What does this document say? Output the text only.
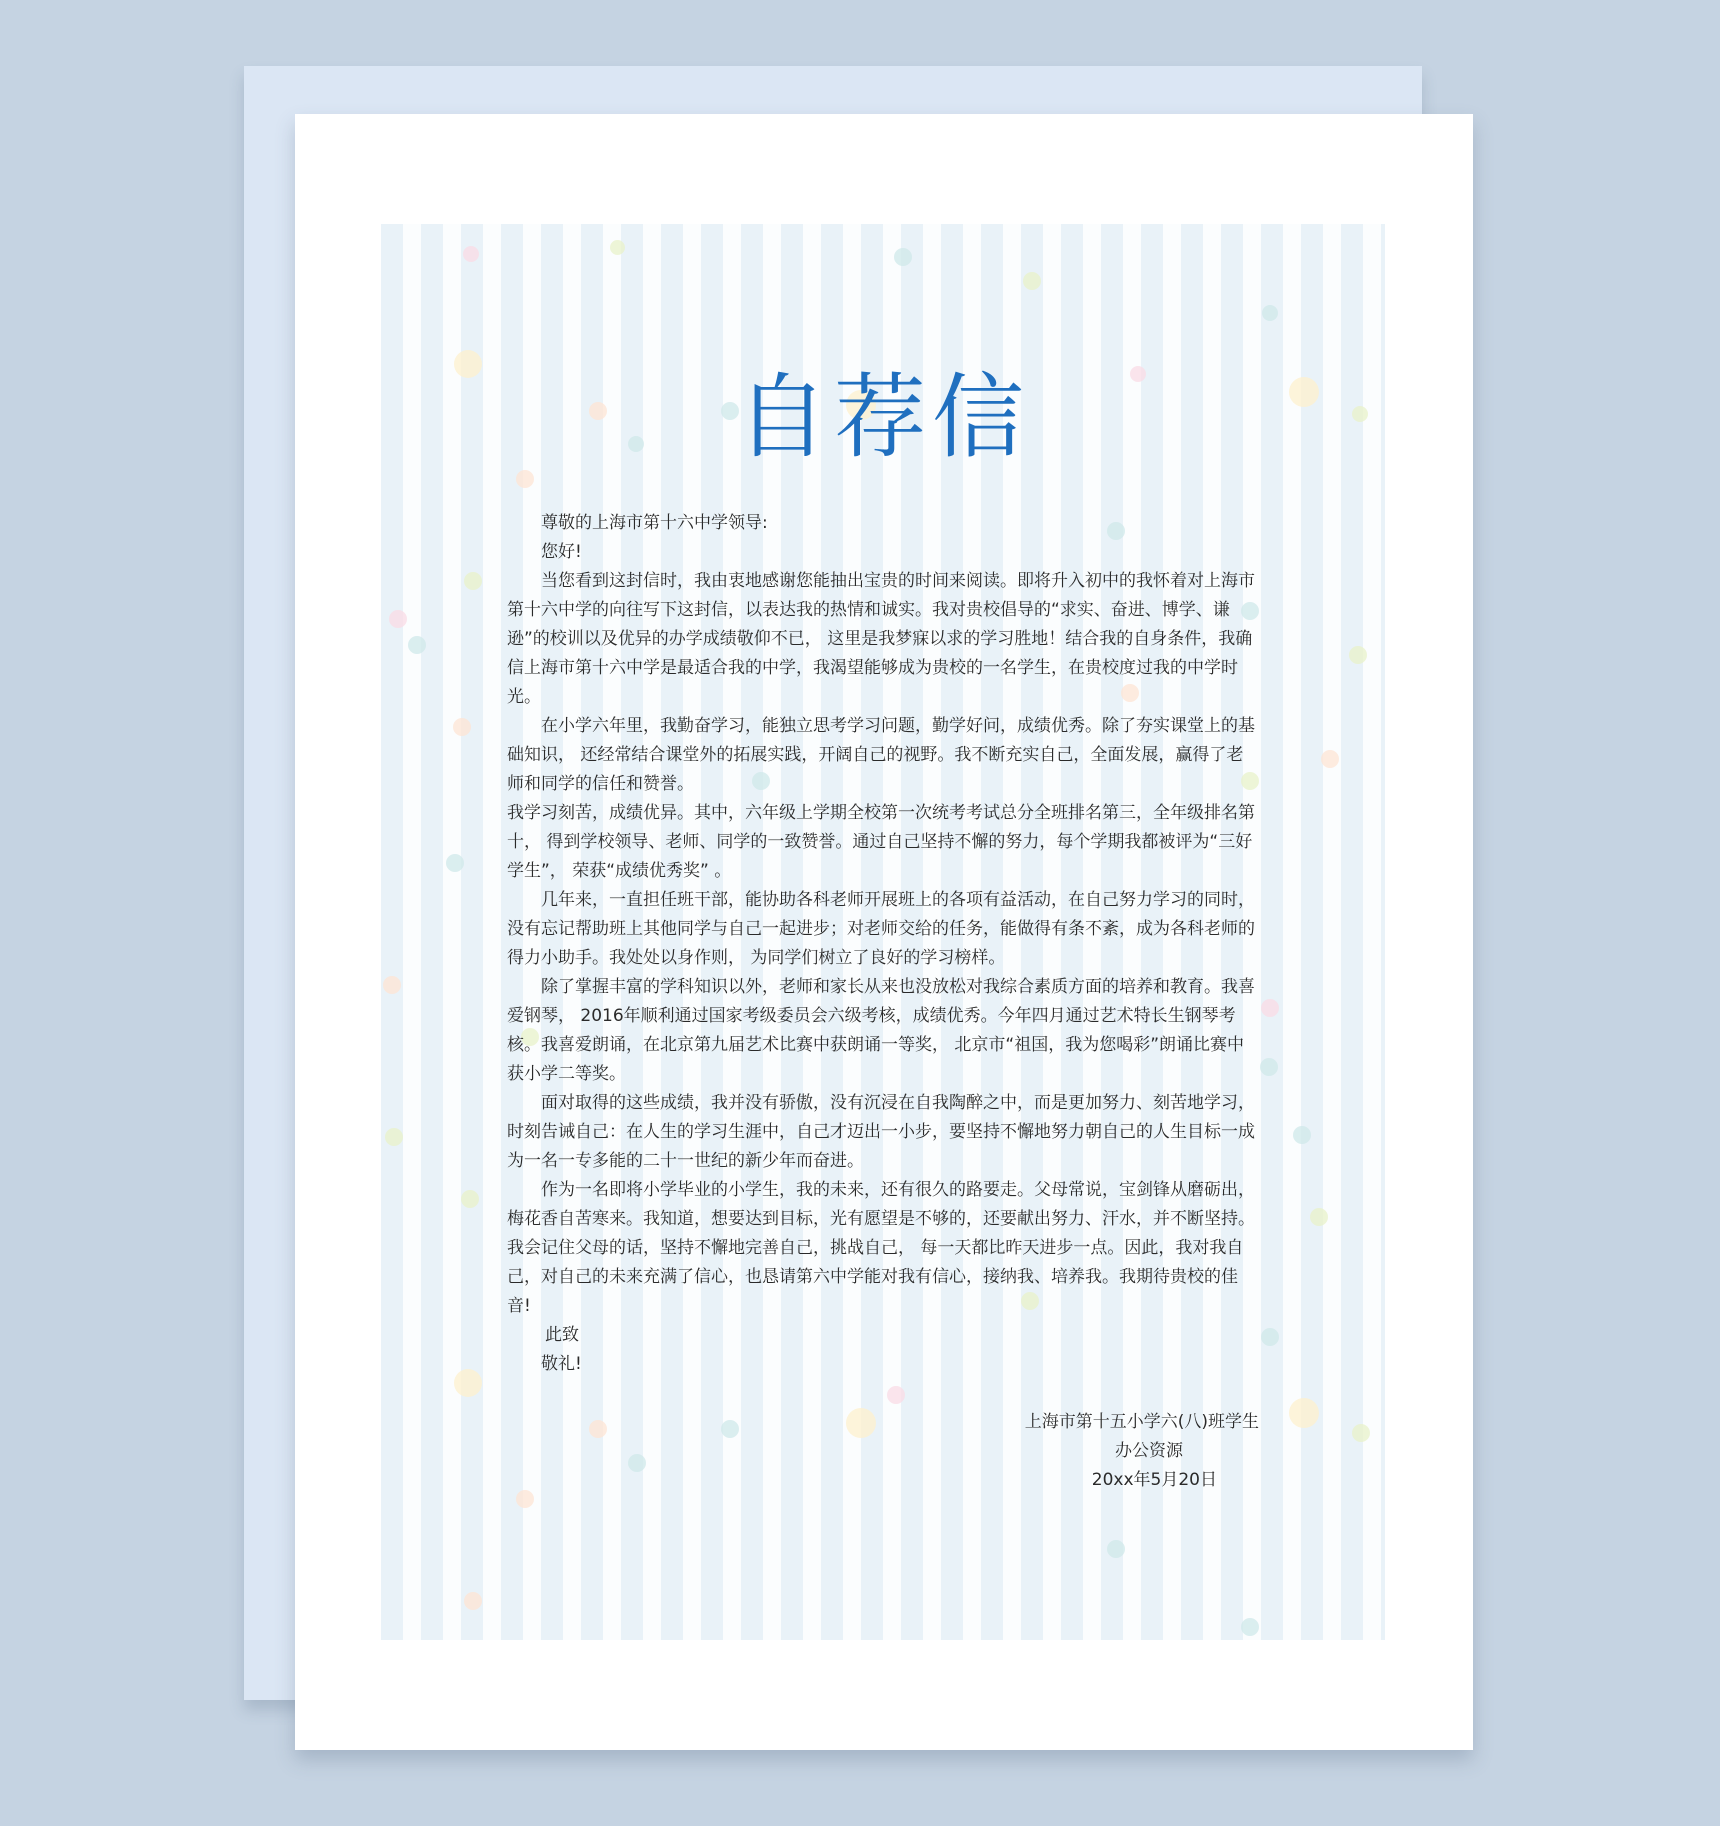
自荐信

尊敬的上海市第十六中学领导:

您好!

当您看到这封信时，我由衷地感谢您能抽出宝贵的时间来阅读。即将升入初中的我怀着对上海市第十六中学的向往写下这封信，以表达我的热情和诚实。我对贵校倡导的“求实、奋进、博学、谦逊”的校训以及优异的办学成绩敬仰不已， 这里是我梦寐以求的学习胜地！结合我的自身条件，我确信上海市第十六中学是最适合我的中学，我渴望能够成为贵校的一名学生，在贵校度过我的中学时光。

在小学六年里，我勤奋学习，能独立思考学习问题，勤学好问，成绩优秀。除了夯实课堂上的基础知识， 还经常结合课堂外的拓展实践，开阔自己的视野。我不断充实自己，全面发展，赢得了老师和同学的信任和赞誉。

我学习刻苦，成绩优异。其中，六年级上学期全校第一次统考考试总分全班排名第三，全年级排名第十， 得到学校领导、老师、同学的一致赞誉。通过自己坚持不懈的努力，每个学期我都被评为“三好学生”， 荣获“成绩优秀奖” 。

几年来，一直担任班干部，能协助各科老师开展班上的各项有益活动，在自己努力学习的同时，没有忘记帮助班上其他同学与自己一起进步；对老师交给的任务，能做得有条不紊，成为各科老师的得力小助手。我处处以身作则， 为同学们树立了良好的学习榜样。

除了掌握丰富的学科知识以外，老师和家长从来也没放松对我综合素质方面的培养和教育。我喜爱钢琴， 2016年顺利通过国家考级委员会六级考核，成绩优秀。今年四月通过艺术特长生钢琴考核。我喜爱朗诵，在北京第九届艺术比赛中获朗诵一等奖， 北京市“祖国，我为您喝彩”朗诵比赛中获小学二等奖。

面对取得的这些成绩，我并没有骄傲，没有沉浸在自我陶醉之中，而是更加努力、刻苦地学习，时刻告诫自己：在人生的学习生涯中，自己才迈出一小步，要坚持不懈地努力朝自己的人生目标一成为一名一专多能的二十一世纪的新少年而奋进。

作为一名即将小学毕业的小学生，我的未来，还有很久的路要走。父母常说，宝剑锋从磨砺出，梅花香自苦寒来。我知道，想要达到目标，光有愿望是不够的，还要献出努力、汗水，并不断坚持。我会记住父母的话，坚持不懈地完善自己，挑战自己， 每一天都比昨天进步一点。因此，我对我自己，对自己的未来充满了信心，也恳请第六中学能对我有信心，接纳我、培养我。我期待贵校的佳音!

此致

敬礼!

上海市第十五小学六(八)班学生
办公资源
20xx年5月20日
